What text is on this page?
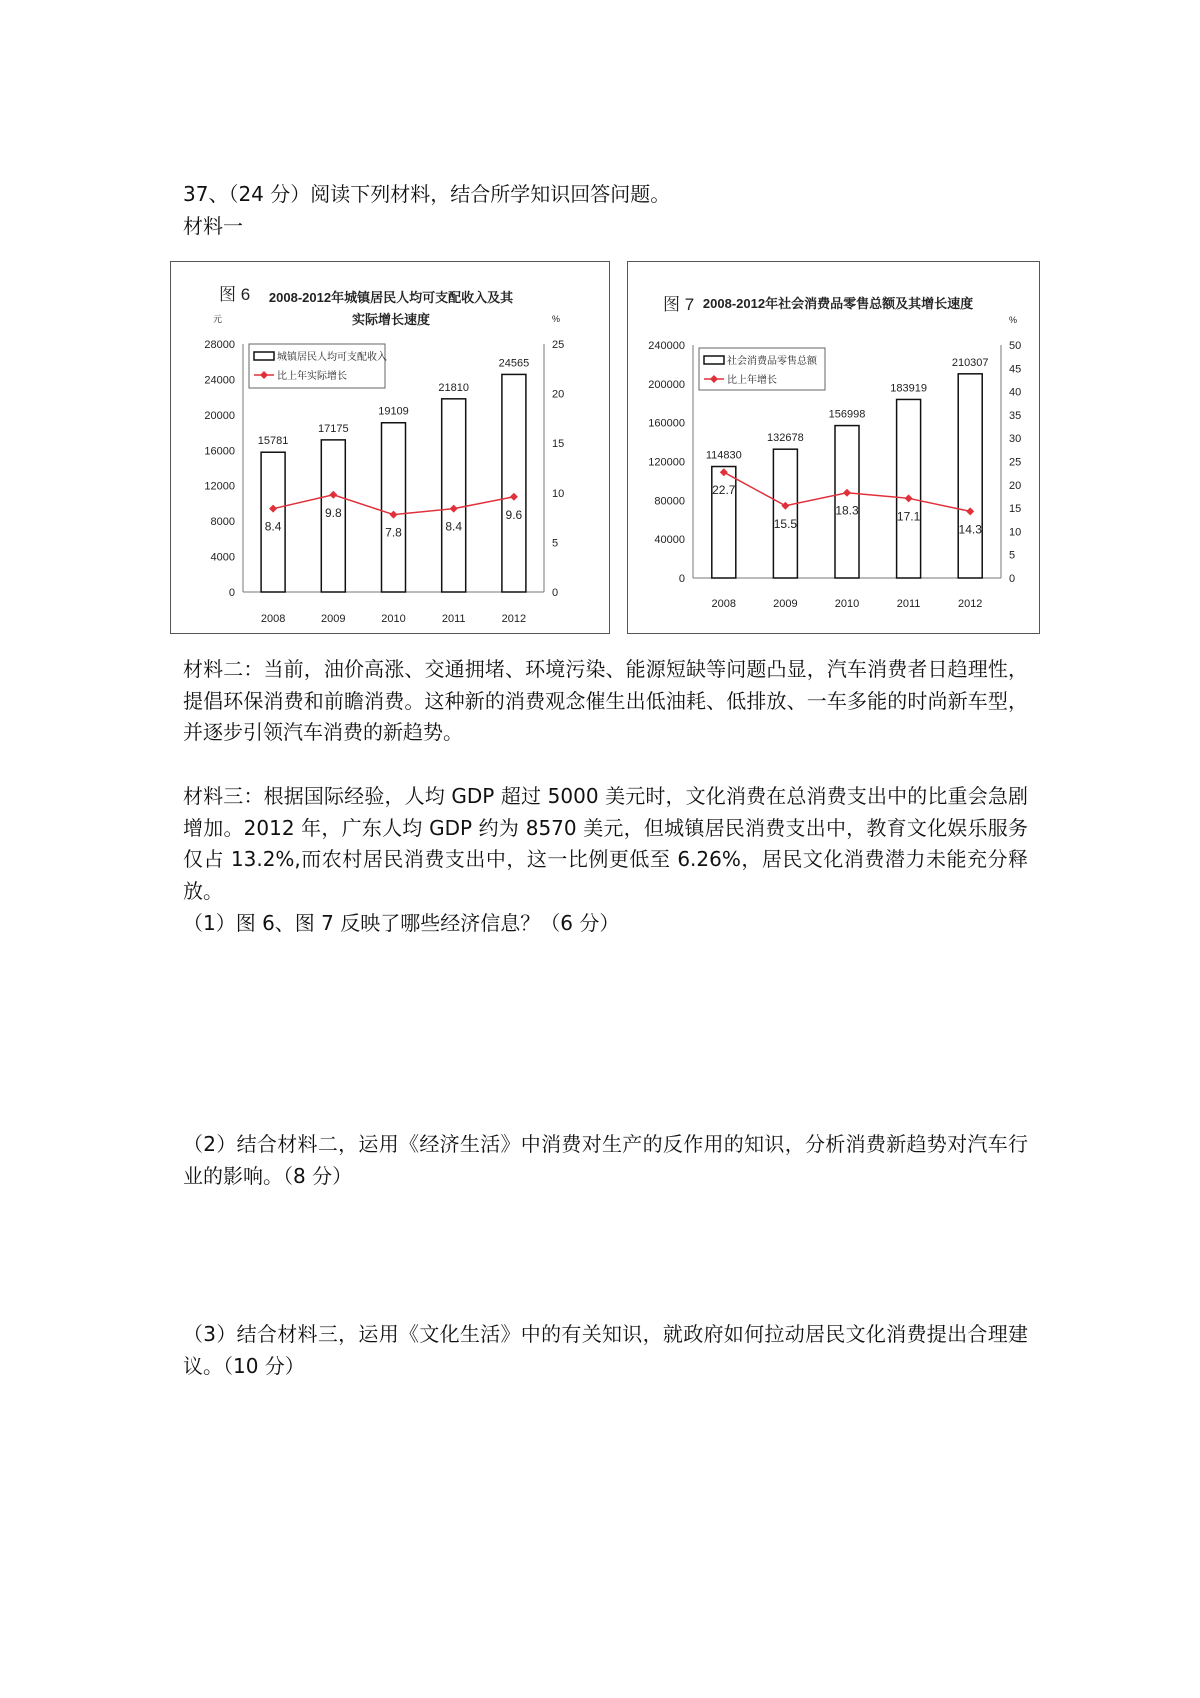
37、（24 分）阅读下列材料，结合所学知识回答问题。
材料一
图 6 2008-2012年城镇居民人均可支配收入及其
实际增长速度
元	%
0
4000
8000
12000
16000
20000
24000
28000
0
5
10
15
20
25
2008	2009	2010	2011	2012
15781
17175
19109
21810
24565
8.4
9.8
7.8	8.4
9.6
城镇居民人均可支配收入
比上年实际增长
图 7 2008-2012年社会消费品零售总额及其增长速度
%
0
40000
80000
120000
160000
200000
240000
0
5
10
15
20
25
30
35
40
45
50
2008	2009	2010	2011	2012
114830
132678
156998
183919
210307
22.7
15.5
18.3	17.1
14.3
社会消费品零售总额
比上年增长
材料二：当前，油价高涨、交通拥堵、环境污染、能源短缺等问题凸显，汽车消费者日趋理性，提倡环保消费和前瞻消费。这种新的消费观念催生出低油耗、低排放、一车多能的时尚新车型，并逐步引领汽车消费的新趋势。
材料三：根据国际经验，人均 GDP 超过 5000 美元时，文化消费在总消费支出中的比重会急剧增加。2012 年，广东人均 GDP 约为 8570 美元，但城镇居民消费支出中，教育文化娱乐服务仅占 13.2%,而农村居民消费支出中，这一比例更低至 6.26%，居民文化消费潜力未能充分释放。
（1）图 6、图 7 反映了哪些经济信息？（6 分）
（2）结合材料二，运用《经济生活》中消费对生产的反作用的知识，分析消费新趋势对汽车行业的影响。（8 分）
（3）结合材料三，运用《文化生活》中的有关知识，就政府如何拉动居民文化消费提出合理建议。（10 分）
